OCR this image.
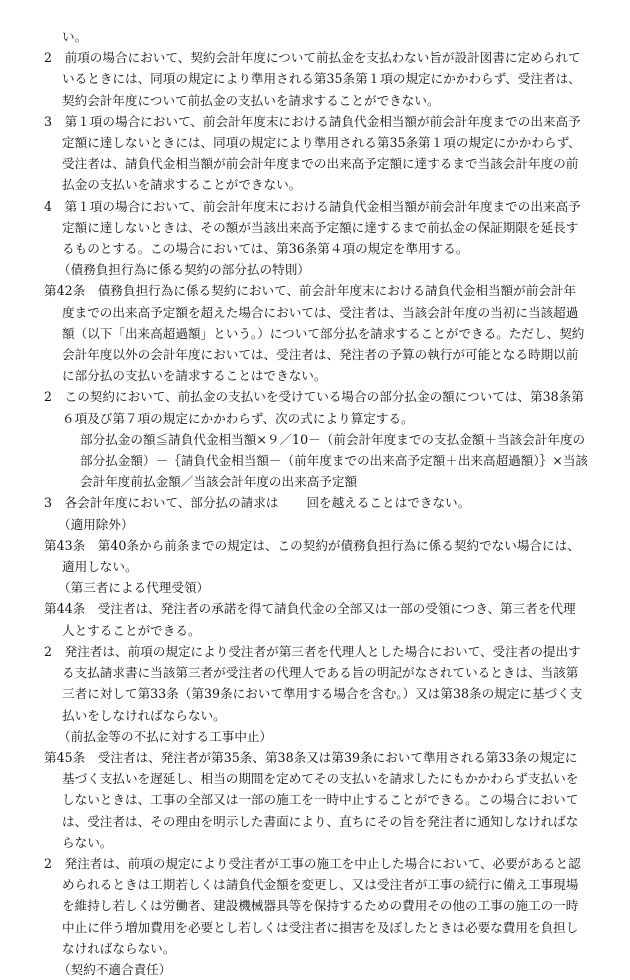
い。

2　前項の場合において、契約会計年度について前払金を支払わない旨が設計図書に定められているときには、同項の規定により準用される第35条第１項の規定にかかわらず、受注者は、契約会計年度について前払金の支払いを請求することができない。

3　第１項の場合において、前会計年度末における請負代金相当額が前会計年度までの出来高予定額に達しないときには、同項の規定により準用される第35条第１項の規定にかかわらず、受注者は、請負代金相当額が前会計年度までの出来高予定額に達するまで当該会計年度の前払金の支払いを請求することができない。

4　第１項の場合において、前会計年度末における請負代金相当額が前会計年度までの出来高予定額に達しないときは、その額が当該出来高予定額に達するまで前払金の保証期限を延長するものとする。この場合においては、第36条第４項の規定を準用する。

（債務負担行為に係る契約の部分払の特則）

第42条　債務負担行為に係る契約において、前会計年度末における請負代金相当額が前会計年度までの出来高予定額を超えた場合においては、受注者は、当該会計年度の当初に当該超過額（以下「出来高超過額」という。）について部分払を請求することができる。ただし、契約会計年度以外の会計年度においては、受注者は、発注者の予算の執行が可能となる時期以前に部分払の支払いを請求することはできない。

2　この契約において、前払金の支払いを受けている場合の部分払金の額については、第38条第６項及び第７項の規定にかかわらず、次の式により算定する。

部分払金の額≦請負代金相当額×９／10－（前会計年度までの支払金額＋当該会計年度の部分払金額）－｛請負代金相当額－（前年度までの出来高予定額＋出来高超過額）｝×当該会計年度前払金額／当該会計年度の出来高予定額

3　各会計年度において、部分払の請求は 回を越えることはできない。

（適用除外）

第43条　第40条から前条までの規定は、この契約が債務負担行為に係る契約でない場合には、適用しない。

（第三者による代理受領）

第44条　受注者は、発注者の承諾を得て請負代金の全部又は一部の受領につき、第三者を代理人とすることができる。

2　発注者は、前項の規定により受注者が第三者を代理人とした場合において、受注者の提出する支払請求書に当該第三者が受注者の代理人である旨の明記がなされているときは、当該第三者に対して第33条（第39条において準用する場合を含む。）又は第38条の規定に基づく支払いをしなければならない。

（前払金等の不払に対する工事中止）

第45条　受注者は、発注者が第35条、第38条又は第39条において準用される第33条の規定に基づく支払いを遅延し、相当の期間を定めてその支払いを請求したにもかかわらず支払いをしないときは、工事の全部又は一部の施工を一時中止することができる。この場合においては、受注者は、その理由を明示した書面により、直ちにその旨を発注者に通知しなければならない。

2　発注者は、前項の規定により受注者が工事の施工を中止した場合において、必要があると認められるときは工期若しくは請負代金額を変更し、又は受注者が工事の続行に備え工事現場を維持し若しくは労働者、建設機械器具等を保持するための費用その他の工事の施工の一時中止に伴う増加費用を必要とし若しくは受注者に損害を及ぼしたときは必要な費用を負担しなければならない。

（契約不適合責任）
